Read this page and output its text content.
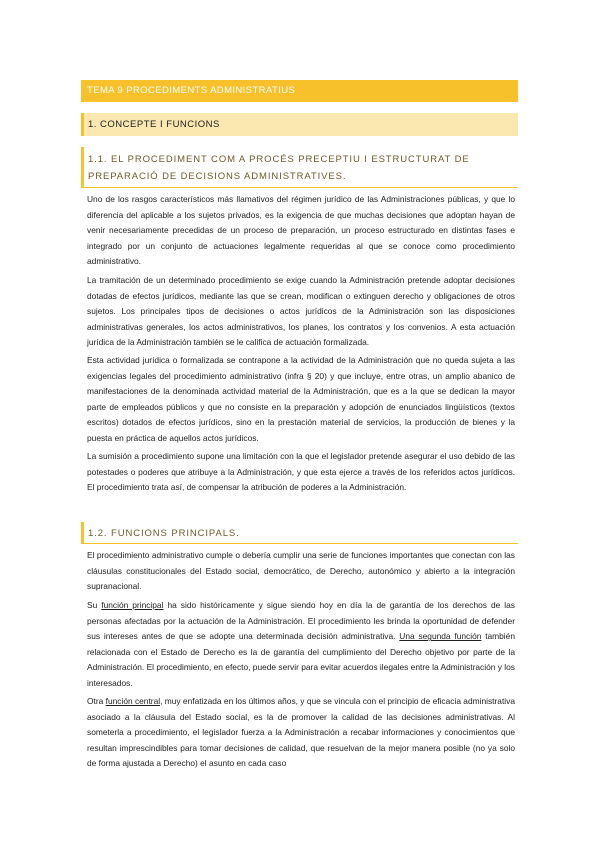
TEMA 9 PROCEDIMENTS ADMINISTRATIUS
1. CONCEPTE I FUNCIONS
1.1. EL PROCEDIMENT COM A PROCÉS PRECEPTIU I ESTRUCTURAT DE PREPARACIÓ DE DECISIONS ADMINISTRATIVES.

Uno de los rasgos característicos más llamativos del régimen jurídico de las Administraciones públicas, y que lo diferencia del aplicable a los sujetos privados, es la exigencia de que muchas decisiones que adoptan hayan de venir necesariamente precedidas de un proceso de preparación, un proceso estructurado en distintas fases e integrado por un conjunto de actuaciones legalmente requeridas al que se conoce como procedimiento administrativo.

La tramitación de un determinado procedimiento se exige cuando la Administración pretende adoptar decisiones dotadas de efectos jurídicos, mediante las que se crean, modifican o extinguen derecho y obligaciones de otros sujetos. Los principales tipos de decisiones o actos jurídicos de la Administración son las disposiciones administrativas generales, los actos administrativos, los planes, los contratos y los convenios. A esta actuación jurídica de la Administración también se le califica de actuación formalizada.

Esta actividad jurídica o formalizada se contrapone a la actividad de la Administración que no queda sujeta a las exigencias legales del procedimiento administrativo (infra § 20) y que incluye, entre otras, un amplio abanico de manifestaciones de la denominada actividad material de la Administración, que es a la que se dedican la mayor parte de empleados públicos y que no consiste en la preparación y adopción de enunciados lingüísticos (textos escritos) dotados de efectos jurídicos, sino en la prestación material de servicios, la producción de bienes y la puesta en práctica de aquellos actos jurídicos.

La sumisión a procedimiento supone una limitación con la que el legislador pretende asegurar el uso debido de las potestades o poderes que atribuye a la Administración, y que esta ejerce a través de los referidos actos jurídicos. El procedimiento trata así, de compensar la atribución de poderes a la Administración.

1.2. FUNCIONS PRINCIPALS.

El procedimiento administrativo cumple o debería cumplir una serie de funciones importantes que conectan con las cláusulas constitucionales del Estado social, democrático, de Derecho, autonómico y abierto a la integración supranacional.

Su función principal ha sido históricamente y sigue siendo hoy en día la de garantía de los derechos de las personas afectadas por la actuación de la Administración. El procedimiento les brinda la oportunidad de defender sus intereses antes de que se adopte una determinada decisión administrativa. Una segunda función también relacionada con el Estado de Derecho es la de garantía del cumplimiento del Derecho objetivo por parte de la Administración. El procedimiento, en efecto, puede servir para evitar acuerdos ilegales entre la Administración y los interesados.

Otra función central, muy enfatizada en los últimos años, y que se vincula con el principio de eficacia administrativa asociado a la cláusula del Estado social, es la de promover la calidad de las decisiones administrativas. Al someterla a procedimiento, el legislador fuerza a la Administración a recabar informaciones y conocimientos que resultan imprescindibles para tomar decisiones de calidad, que resuelvan de la mejor manera posible (no ya solo de forma ajustada a Derecho) el asunto en cada caso
